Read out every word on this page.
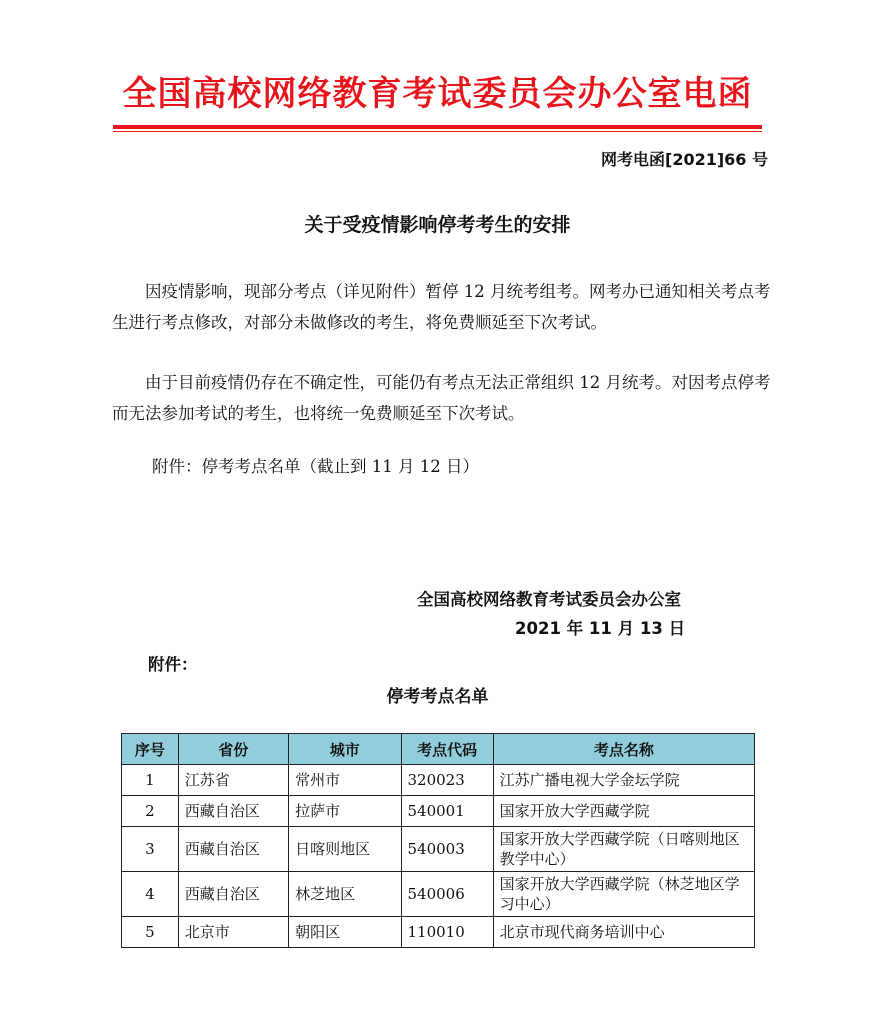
全国高校网络教育考试委员会办公室电函
网考电函[2021]66 号
关于受疫情影响停考考生的安排

因疫情影响，现部分考点（详见附件）暂停 12 月统考组考。网考办已通知相关考点考生进行考点修改，对部分未做修改的考生，将免费顺延至下次考试。

由于目前疫情仍存在不确定性，可能仍有考点无法正常组织 12 月统考。对因考点停考而无法参加考试的考生，也将统一免费顺延至下次考试。

附件：停考考点名单（截止到 11 月 12 日）
全国高校网络教育考试委员会办公室
2021 年 11 月 13 日
附件：
停考考点名单
序号	省份	城市	考点代码	考点名称
1	江苏省	常州市	320023	江苏广播电视大学金坛学院
2	西藏自治区	拉萨市	540001	国家开放大学西藏学院
3	西藏自治区	日喀则地区	540003	国家开放大学西藏学院（日喀则地区教学中心）
4	西藏自治区	林芝地区	540006	国家开放大学西藏学院（林芝地区学习中心）
5	北京市	朝阳区	110010	北京市现代商务培训中心
